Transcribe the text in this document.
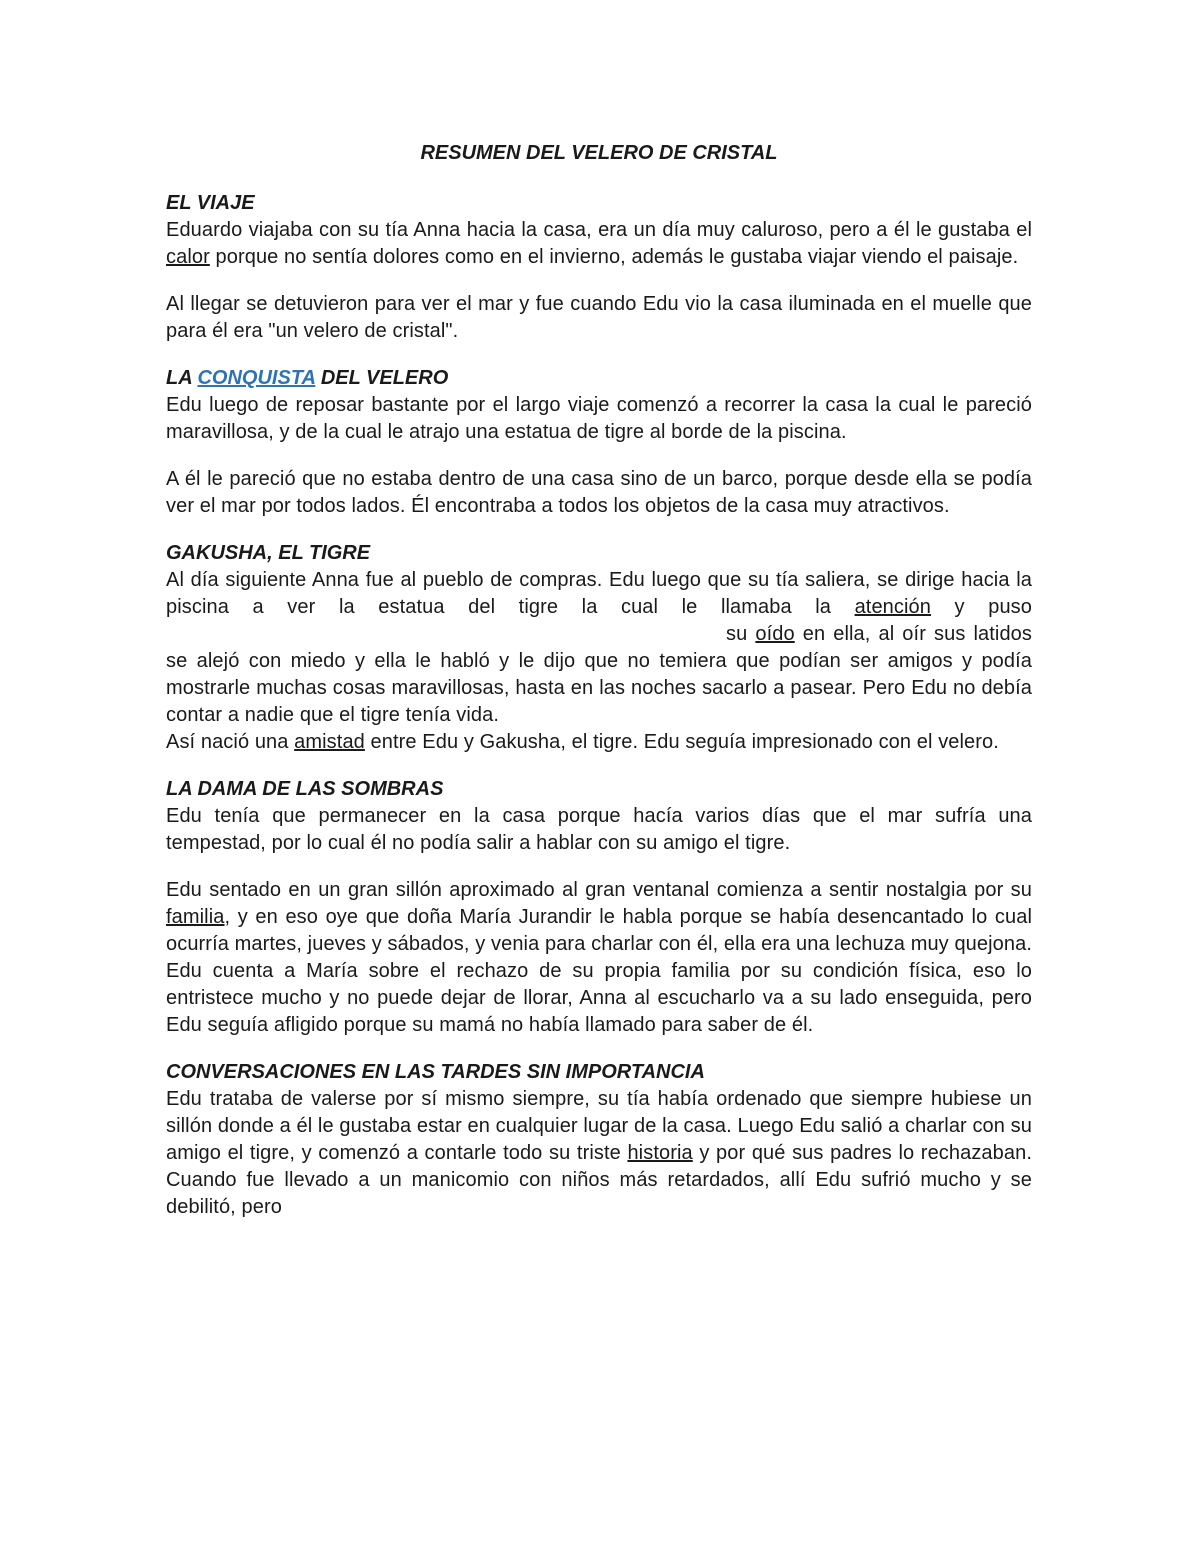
RESUMEN DEL VELERO DE CRISTAL
EL VIAJE

Eduardo viajaba con su tía Anna hacia la casa, era un día muy caluroso, pero a él le gustaba el calor porque no sentía dolores como en el invierno, además le gustaba viajar viendo el paisaje.

Al llegar se detuvieron para ver el mar y fue cuando Edu vio la casa iluminada en el muelle que para él era "un velero de cristal".

LA CONQUISTA DEL VELERO

Edu luego de reposar bastante por el largo viaje comenzó a recorrer la casa la cual le pareció maravillosa, y de la cual le atrajo una estatua de tigre al borde de la piscina.

A él le pareció que no estaba dentro de una casa sino de un barco, porque desde ella se podía ver el mar por todos lados. Él encontraba a todos los objetos de la casa muy atractivos.

GAKUSHA, EL TIGRE

Al día siguiente Anna fue al pueblo de compras. Edu luego que su tía saliera, se dirige hacia la piscina a ver la estatua del tigre la cual le llamaba la atención y pusosu oído en ella, al oír sus latidos se alejó con miedo y ella le habló y le dijo que no temiera que podían ser amigos y podía mostrarle muchas cosas maravillosas, hasta en las noches sacarlo a pasear. Pero Edu no debía contar a nadie que el tigre tenía vida.

Así nació una amistad entre Edu y Gakusha, el tigre. Edu seguía impresionado con el velero.

LA DAMA DE LAS SOMBRAS

Edu tenía que permanecer en la casa porque hacía varios días que el mar sufría una tempestad, por lo cual él no podía salir a hablar con su amigo el tigre.

Edu sentado en un gran sillón aproximado al gran ventanal comienza a sentir nostalgia por su familia, y en eso oye que doña María Jurandir le habla porque se había desencantado lo cual ocurría martes, jueves y sábados, y venia para charlar con él, ella era una lechuza muy quejona. Edu cuenta a María sobre el rechazo de su propia familia por su condición física, eso lo entristece mucho y no puede dejar de llorar, Anna al escucharlo va a su lado enseguida, pero Edu seguía afligido porque su mamá no había llamado para saber de él.

CONVERSACIONES EN LAS TARDES SIN IMPORTANCIA

Edu trataba de valerse por sí mismo siempre, su tía había ordenado que siempre hubiese un sillón donde a él le gustaba estar en cualquier lugar de la casa. Luego Edu salió a charlar con su amigo el tigre, y comenzó a contarle todo su triste historia y por qué sus padres lo rechazaban. Cuando fue llevado a un manicomio con niños más retardados, allí Edu sufrió mucho y se debilitó, pero
